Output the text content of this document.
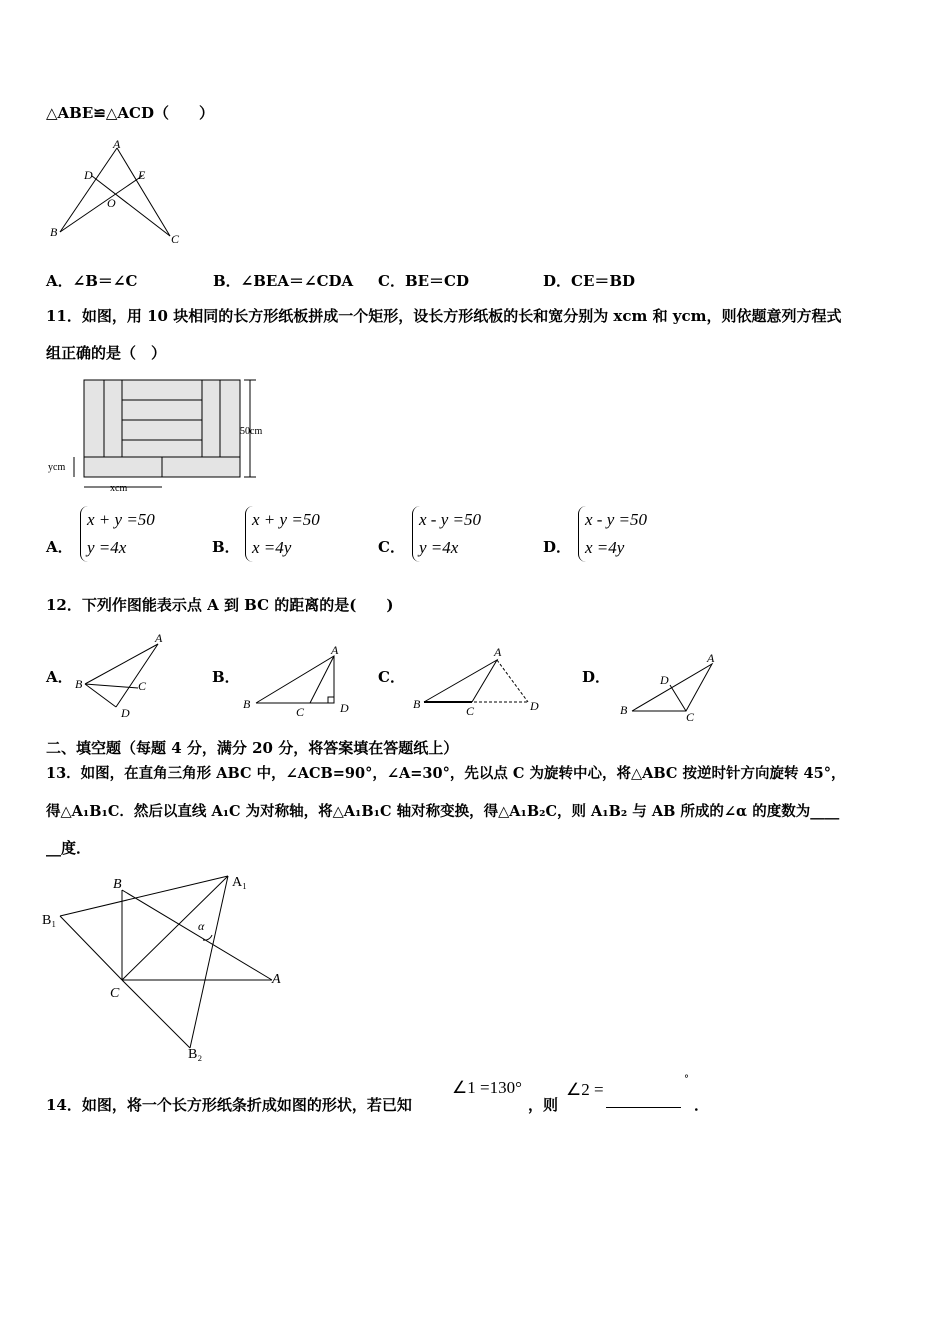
△ABE≌△ACD（　　）
A
D	E
O
B	C
50cm
ycm
xcm
A
B	C
D
A
B
C	D
A
B	C	D
A
B	C
D
B	A₁
B₁	α
C
A
B₂
A．∠B＝∠C	B．∠BEA＝∠CDA C．BE＝CD	D．CE＝BD
11．如图，用 10 块相同的长方形纸板拼成一个矩形，设长方形纸板的长和宽分别为 xcm 和 ycm，则依题意列方程式
组正确的是（　）
A．
x + y =50
y =4x	B．
x + y =50
x =4y	C．
x - y =50
y =4x	D．
x - y =50
x =4y
12．下列作图能表示点 A 到 BC 的距离的是(　　)
A．	B．	C．	D．
二、填空题（每题 4 分，满分 20 分，将答案填在答题纸上）
13．如图，在直角三角形 ABC 中，∠ACB=90°，∠A=30°，先以点 C 为旋转中心，将△ABC 按逆时针方向旋转 45°，
得△A₁B₁C．然后以直线 A₁C 为对称轴，将△A₁B₁C 轴对称变换，得△A₁B₂C，则 A₁B₂ 与 AB 所成的∠α 的度数为____
__度．
14．如图，将一个长方形纸条折成如图的形状，若已知
∠1 =130°
，则
∠2 =
°
．
